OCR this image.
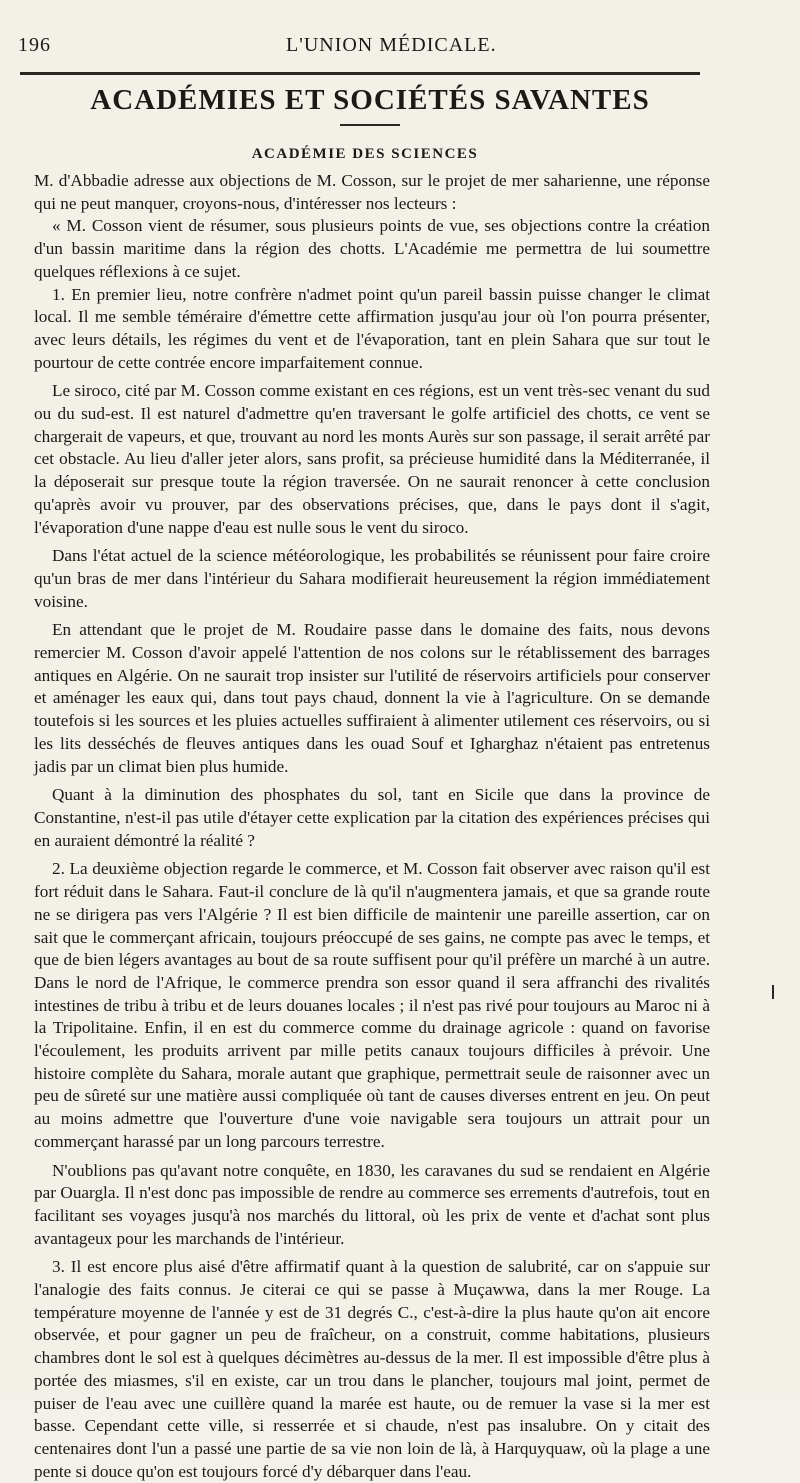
196	L'UNION MÉDICALE.
ACADÉMIES ET SOCIÉTÉS SAVANTES
ACADÉMIE DES SCIENCES

M. d'Abbadie adresse aux objections de M. Cosson, sur le projet de mer saharienne, une réponse qui ne peut manquer, croyons-nous, d'intéresser nos lecteurs :

« M. Cosson vient de résumer, sous plusieurs points de vue, ses objections contre la création d'un bassin maritime dans la région des chotts. L'Académie me permettra de lui soumettre quelques réflexions à ce sujet.

1. En premier lieu, notre confrère n'admet point qu'un pareil bassin puisse changer le climat local. Il me semble téméraire d'émettre cette affirmation jusqu'au jour où l'on pourra présenter, avec leurs détails, les régimes du vent et de l'évaporation, tant en plein Sahara que sur tout le pourtour de cette contrée encore imparfaitement connue.

Le siroco, cité par M. Cosson comme existant en ces régions, est un vent très-sec venant du sud ou du sud-est. Il est naturel d'admettre qu'en traversant le golfe artificiel des chotts, ce vent se chargerait de vapeurs, et que, trouvant au nord les monts Aurès sur son passage, il serait arrêté par cet obstacle. Au lieu d'aller jeter alors, sans profit, sa précieuse humidité dans la Méditerranée, il la déposerait sur presque toute la région traversée. On ne saurait renoncer à cette conclusion qu'après avoir vu prouver, par des observations précises, que, dans le pays dont il s'agit, l'évaporation d'une nappe d'eau est nulle sous le vent du siroco.

Dans l'état actuel de la science météorologique, les probabilités se réunissent pour faire croire qu'un bras de mer dans l'intérieur du Sahara modifierait heureusement la région immédiatement voisine.

En attendant que le projet de M. Roudaire passe dans le domaine des faits, nous devons remercier M. Cosson d'avoir appelé l'attention de nos colons sur le rétablissement des barrages antiques en Algérie. On ne saurait trop insister sur l'utilité de réservoirs artificiels pour conserver et aménager les eaux qui, dans tout pays chaud, donnent la vie à l'agriculture. On se demande toutefois si les sources et les pluies actuelles suffiraient à alimenter utilement ces réservoirs, ou si les lits desséchés de fleuves antiques dans les ouad Souf et Igharghaz n'étaient pas entretenus jadis par un climat bien plus humide.

Quant à la diminution des phosphates du sol, tant en Sicile que dans la province de Constantine, n'est-il pas utile d'étayer cette explication par la citation des expériences précises qui en auraient démontré la réalité ?

2. La deuxième objection regarde le commerce, et M. Cosson fait observer avec raison qu'il est fort réduit dans le Sahara. Faut-il conclure de là qu'il n'augmentera jamais, et que sa grande route ne se dirigera pas vers l'Algérie ? Il est bien difficile de maintenir une pareille assertion, car on sait que le commerçant africain, toujours préoccupé de ses gains, ne compte pas avec le temps, et que de bien légers avantages au bout de sa route suffisent pour qu'il préfère un marché à un autre. Dans le nord de l'Afrique, le commerce prendra son essor quand il sera affranchi des rivalités intestines de tribu à tribu et de leurs douanes locales ; il n'est pas rivé pour toujours au Maroc ni à la Tripolitaine. Enfin, il en est du commerce comme du drainage agricole : quand on favorise l'écoulement, les produits arrivent par mille petits canaux toujours difficiles à prévoir. Une histoire complète du Sahara, morale autant que graphique, permettrait seule de raisonner avec un peu de sûreté sur une matière aussi compliquée où tant de causes diverses entrent en jeu. On peut au moins admettre que l'ouverture d'une voie navigable sera toujours un attrait pour un commerçant harassé par un long parcours terrestre.

N'oublions pas qu'avant notre conquête, en 1830, les caravanes du sud se rendaient en Algérie par Ouargla. Il n'est donc pas impossible de rendre au commerce ses errements d'autrefois, tout en facilitant ses voyages jusqu'à nos marchés du littoral, où les prix de vente et d'achat sont plus avantageux pour les marchands de l'intérieur.

3. Il est encore plus aisé d'être affirmatif quant à la question de salubrité, car on s'appuie sur l'analogie des faits connus. Je citerai ce qui se passe à Muçawwa, dans la mer Rouge. La température moyenne de l'année y est de 31 degrés C., c'est-à-dire la plus haute qu'on ait encore observée, et pour gagner un peu de fraîcheur, on a construit, comme habitations, plusieurs chambres dont le sol est à quelques décimètres au-dessus de la mer. Il est impossible d'être plus à portée des miasmes, s'il en existe, car un trou dans le plancher, toujours mal joint, permet de puiser de l'eau avec une cuillère quand la marée est haute, ou de remuer la vase si la mer est basse. Cependant cette ville, si resserrée et si chaude, n'est pas insalubre. On y citait des centenaires dont l'un a passé une partie de sa vie non loin de là, à Harquyquaw, où la plage a une pente si douce qu'on est toujours forcé d'y débarquer dans l'eau.
